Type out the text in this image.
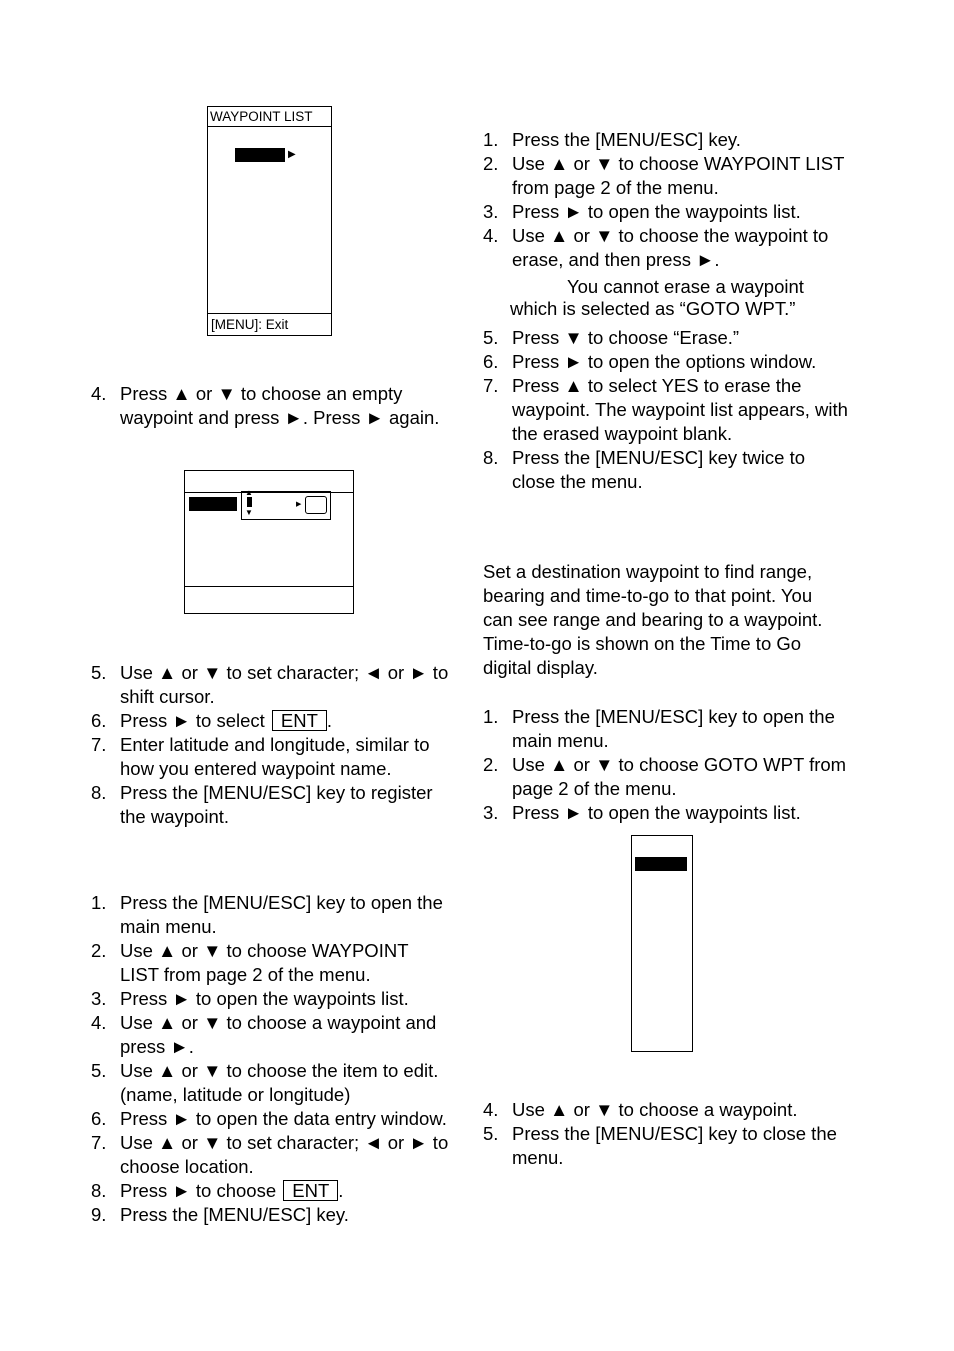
WAYPOINT LIST
▶
[MENU]: Exit
▲
▼
▶
4. Press ▲ or ▼ to choose an empty waypoint and press ►. Press ► again.
5. Use ▲ or ▼ to set character; ◄ or ► to shift cursor.
6. Press ► to select ENT .
7. Enter latitude and longitude, similar to how you entered waypoint name.
8. Press the [MENU/ESC] key to register the waypoint.
1. Press the [MENU/ESC] key to open the main menu.
2. Use ▲ or ▼ to choose WAYPOINT LIST from page 2 of the menu.
3. Press ► to open the waypoints list.
4. Use ▲ or ▼ to choose a waypoint and press ►.
5. Use ▲ or ▼ to choose the item to edit. (name, latitude or longitude)
6. Press ► to open the data entry window.
7. Use ▲ or ▼ to set character; ◄ or ► to choose location.
8. Press ► to choose ENT .
9. Press the [MENU/ESC] key.
1. Press the [MENU/ESC] key.
2. Use ▲ or ▼ to choose WAYPOINT LIST from page 2 of the menu.
3. Press ► to open the waypoints list.
4. Use ▲ or ▼ to choose the waypoint to erase, and then press ►.
You cannot erase a waypoint
which is selected as “GOTO WPT.”
5. Press ▼ to choose “Erase.”
6. Press ► to open the options window.
7. Press ▲ to select YES to erase the waypoint. The waypoint list appears, with the erased waypoint blank.
8. Press the [MENU/ESC] key twice to close the menu.

Set a destination waypoint to find range, bearing and time-to-go to that point. You can see range and bearing to a waypoint. Time-to-go is shown on the Time to Go digital display.

1. Press the [MENU/ESC] key to open the main menu.
2. Use ▲ or ▼ to choose GOTO WPT from page 2 of the menu.
3. Press ► to open the waypoints list.
4. Use ▲ or ▼ to choose a waypoint.
5. Press the [MENU/ESC] key to close the menu.
